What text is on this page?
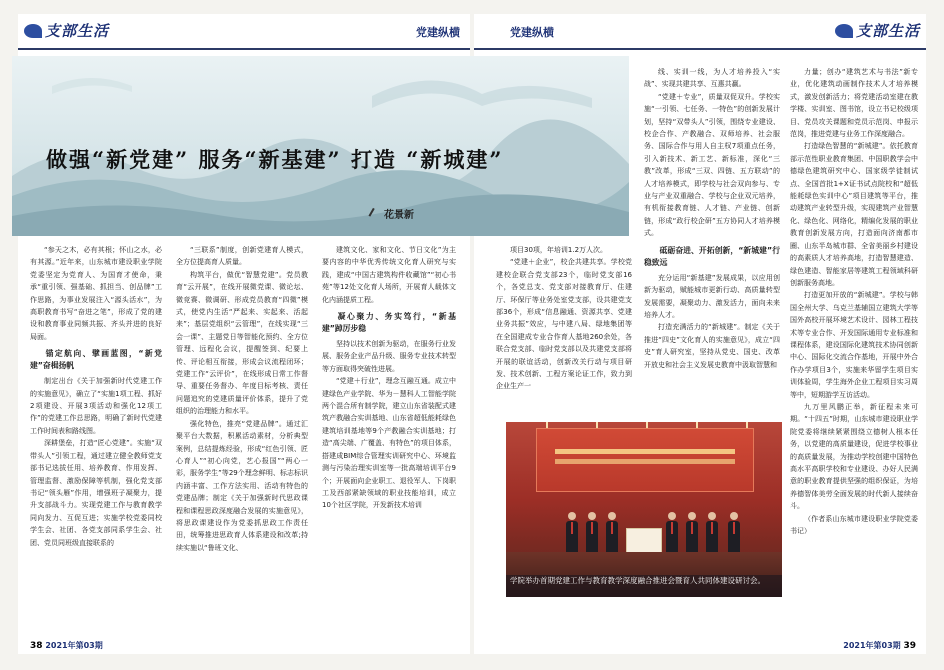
支部生活	党建纵横

“参天之木，必有其根；怀山之水，必有其源。”近年来，山东城市建设职业学院党委坚定为党育人、为国育才使命，秉承“重引领、强基础、抓担当、创品牌”工作思路，为事业发展注入“源头活水”，为高职教育书写“奋进之笔”，形成了党的建设和教育事业同频共振、齐头并进的良好局面。

锚定航向、擘画蓝图，“新党建”奋楫扬帆

制定出台《关于加强新时代党建工作的实施意见》，确立了“实施1项工程、抓好2项建设、开展3项活动和强化12项工作”的党建工作总思路，明确了新时代党建工作时间表和路线图。

深耕堡垒，打造“匠心党建”。实施“双带头人”引领工程，通过建立健全教师党支部书记选拔任用、培养教育、作用发挥、管理监督、激励保障等机制，强化党支部书记“领头雁”作用，增强班子凝聚力，提升支部战斗力。实现党建工作与教育教学同向发力、互促互进；实施学校党委同校学生会、社团、各党支部同系学生会、社团、党员同班级直接联系的

“三联系”制度，创新党建育人模式，全方位提高育人质量。

构筑平台，做优“智慧党建”。党员教育“云开展”，在线开展微党课、微论坛、微竞赛、微调研、形成党员教育“四微”模式，使党内生活“严起来、实起来、活起来”；基层党组织“云管理”，在线实现“三会一课”、主题党日等智能化预约、全方位管理、远程化会议，提醒签到、纪要上传、评论相互衔接，形成会议流程闭环；党建工作“云评价”，在线形成日常工作督导、重要任务督办、年度目标考核、责任问题追究的党建质量评价体系，提升了党组织的治理能力和水平。

强化特色，推亮“党建品牌”。通过汇聚平台大数据，积累活动素材，分析典型案例，总结提炼经验，形成“红色引领、匠心育人”“初心向党，艺心报国”“两心一彩，服务学生”等29个理念鲜明、标志标识内涵丰富、工作方法实用、活动有特色的党建品牌；制定《关于加强新时代思政课程和课程思政深度融合发展的实施意见》，将思政课建设作为党委抓思政工作责任田，统筹推进思政育人体系建设和改革;持续实施以“鲁班文化、

建筑文化、家和文化、节日文化”为主要内容的中华优秀传统文化育人研究与实践，建成“中国古建筑构件收藏馆”“初心书苑”等12处文化育人场所，开展育人载体文化内涵提质工程。

凝心聚力、务实笃行，“新基建”踔厉步稳

坚持以技术创新为驱动，在服务行业发展、服务企业产品升级、服务专业技术转型等方面取得突破性进展。

“党建＋行业”，理念互融互通。成立中建绿色产业学院、华为－慧科人工智能学院两个混合所有制学院，建立山东省装配式建筑产教融合实训基地、山东省超低能耗绿色建筑培训基地等9个产教融合实训基地；打造“高尖端、广覆盖、有特色”的项目体系，搭建成BIM综合管理实训研究中心、环境监测与污染治理实训室等一批高端培训平台9个；开展面向企业职工、退役军人、下岗职工及西部紧缺领域的职业技能培训，成立10个社区学院，开发新技术培训

38 2021年第03期
党建纵横	支部生活

项目30项，年培训1.2万人次。

“党建＋企业”，校企共建共享。学校党建校企联合党支部23个，临时党支部16个，各党总支、党支部对接教育厅、住建厅、环保厅等业务处室党支部，设共建党支部36个，形成“信息融通、资源共享、党建业务共振”效应，与中建八局、绿地集团等在全国建成专业合作育人基地260余处，各联合党支部、临时党支部以及共建党支部将开展的联谊活动，创新改关行动与项目研发、技术创新、工程方案论证工作，致力到企业生产一

线、实训一线，为人才培养投入“实战”、实现共建共享、互惠共赢。

“党建＋专业”，质量双促双升。学校实施“一引领、七任务、一特色”的创新发展计划，坚持“双带头人”引领，围绕专业建设、校企合作、产教融合、双师培养、社会服务、国际合作与用人自主权7项重点任务，引入新技术、新工艺、新标准，深化“三教”改革，形成“三双、四链、五方联动”的人才培养模式，即学校与社会双向参与、专业与产业双重融合、学校与企业双元培养，有机衔接教育链、人才链、产业链、创新链，形成“政行校企研”五方协同人才培养模式。

砥砺奋进、开拓创新，“新城建”行稳致远

充分运用“新基建”发展成果，以应用创新为驱动，赋能城市更新行动、高质量转型发展需要，凝聚动力、激发活力，面向未来培养人才。

打造充满活力的“新城建”。制定《关于推进“四史”文化育人的实施意见》，成立“四史”育人研究室，坚持从党史、国史、改革开放史和社会主义发展史教育中汲取智慧和

力量；创办“建筑艺术与书法”新专业，优化建筑动画制作技术人才培养模式，激发创新活力；将党建活动室建在教学楼、实训室、图书馆，设立书记校级项目、党员攻关课题和党员示范岗、申报示范岗，推进党建与业务工作深度融合。

打造绿色智慧的“新城建”。依托教育部示范性职业教育集团、中国职教学会中德绿色建筑研究中心、国家级学徒制试点、全国首批1+X证书试点院校和“超低能耗绿色实训中心”项目建筑等平台，推动建筑产业转型升级，实现建筑产业智慧化、绿色化、网络化，精编化发展的职业教育创新发展方向，打造面向济南都市圈、山东半岛城市群、全省美丽乡村建设的高素质人才培养高地，打造智慧建造、绿色建造、智能家居等建筑工程领域科研创新服务高地。

打造更加开放的“新城建”。学校与韩国全州大学、乌克兰基辅国立建筑大学等国外高校开展环境艺术设计、园林工程技术等专业合作、开发国际通用专业标准和课程体系，建设国际化建筑技术协同创新中心、国际化交流合作基地，开展中外合作办学项目3个，实施来华留学生项目实训体验周，学生海外企业工程项目实习周等中，短期游学互访活动。

九万里风鹏正举，新征程未来可期。“十四五”时期，山东城市建设职业学院党委将继续紧紧围绕立德树人根本任务，以党建的高质量建设，促进学校事业的高质量发展，为推动学校创建中国特色高水平高职学校和专业建设、办好人民满意的职业教育提供坚强的组织保证，为培养德智体美劳全面发展的时代新人接续奋斗。

（作者系山东城市建设职业学院党委书记）

学院举办首期党建工作与教育教学深度融合推进会暨育人共同体建设研讨会。
2021年第03期 39
做强“新党建” 服务“新基建” 打造 “新城建”
花景新
